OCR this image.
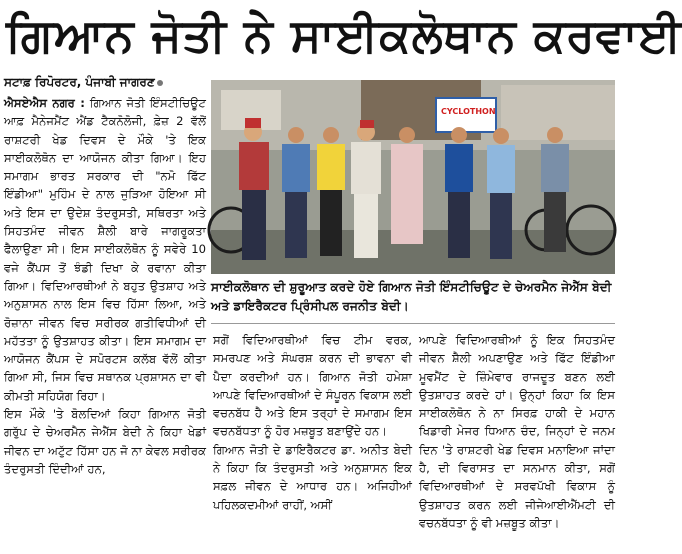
ਗਿਆਨ ਜੋਤੀ ਨੇ ਸਾਈਕਲੋਥਾਨ ਕਰਵਾਈ
ਸਟਾਫ਼ ਰਿਪੋਰਟਰ, ਪੰਜਾਬੀ ਜਾਗਰਣ

ਐਸਏਐਸ ਨਗਰ : ਗਿਆਨ ਜੋਤੀ ਇੰਸਟੀਚਿਊਟ ਆਫ਼ ਮੈਨੇਜਮੈਂਟ ਐਂਡ ਟੈਕਨੋਲੋਜੀ, ਫ਼ੇਜ਼ 2 ਵੱਲੋਂ ਰਾਸ਼ਟਰੀ ਖੇਡ ਦਿਵਸ ਦੇ ਮੌਕੇ 'ਤੇ ਇਕ ਸਾਈਕਲੋਥੋਨ ਦਾ ਆਯੋਜਨ ਕੀਤਾ ਗਿਆ। ਇਹ ਸਮਾਗਮ ਭਾਰਤ ਸਰਕਾਰ ਦੀ "ਨਮੋ ਫਿੱਟ ਇੰਡੀਆ" ਮੁਹਿੰਮ ਦੇ ਨਾਲ ਜੁੜਿਆ ਹੋਇਆ ਸੀ ਅਤੇ ਇਸ ਦਾ ਉਦੇਸ਼ ਤੰਦਰੁਸਤੀ, ਸਥਿਰਤਾ ਅਤੇ ਸਿਹਤਮੰਦ ਜੀਵਨ ਸ਼ੈਲੀ ਬਾਰੇ ਜਾਗਰੂਕਤਾ ਫੈਲਾਉਣਾ ਸੀ। ਇਸ ਸਾਈਕਲੋਥੋਨ ਨੂੰ ਸਵੇਰੇ 10 ਵਜੇ ਕੈਂਪਸ ਤੋਂ ਝੰਡੀ ਦਿਖਾ ਕੇ ਰਵਾਨਾ ਕੀਤਾ ਗਿਆ। ਵਿਦਿਆਰਥੀਆਂ ਨੇ ਬਹੁਤ ਉਤਸ਼ਾਹ ਅਤੇ ਅਨੁਸ਼ਾਸਨ ਨਾਲ ਇਸ ਵਿਚ ਹਿੱਸਾ ਲਿਆ, ਅਤੇ ਰੋਜ਼ਾਨਾ ਜੀਵਨ ਵਿਚ ਸਰੀਰਕ ਗਤੀਵਿਧੀਆਂ ਦੀ ਮਹੱਤਤਾ ਨੂੰ ਉਤਸ਼ਾਹਤ ਕੀਤਾ। ਇਸ ਸਮਾਗਮ ਦਾ ਆਯੋਜਨ ਕੈਂਪਸ ਦੇ ਸਪੋਰਟਸ ਕਲੱਬ ਵੱਲੋਂ ਕੀਤਾ ਗਿਆ ਸੀ, ਜਿਸ ਵਿਚ ਸਥਾਨਕ ਪ੍ਰਸ਼ਾਸਨ ਦਾ ਵੀ ਕੀਮਤੀ ਸਹਿਯੋਗ ਰਿਹਾ।

ਇਸ ਮੌਕੇ 'ਤੇ ਬੋਲਦਿਆਂ ਕਿਹਾ ਗਿਆਨ ਜੋਤੀ ਗਰੁੱਪ ਦੇ ਚੇਅਰਮੈਨ ਜੇਐੱਸ ਬੇਦੀ ਨੇ ਕਿਹਾ ਖੇਡਾਂ ਜੀਵਨ ਦਾ ਅਟੁੱਟ ਹਿੱਸਾ ਹਨ ਜੋ ਨਾ ਕੇਵਲ ਸਰੀਰਕ ਤੰਦਰੁਸਤੀ ਦਿੰਦੀਆਂ ਹਨ,

CYCLOTHON
ਸਾਈਕਲੋਥਾਨ ਦੀ ਸ਼ੁਰੂਆਤ ਕਰਦੇ ਹੋਏ ਗਿਆਨ ਜੋਤੀ ਇੰਸਟੀਚਿਊਟ ਦੇ ਚੇਅਰਮੈਨ ਜੇਐੱਸ ਬੇਦੀ ਅਤੇ ਡਾਇਰੈਕਟਰ ਪ੍ਰਿੰਸੀਪਲ ਰਜਨੀਤ ਬੇਦੀ।

ਸਗੋਂ ਵਿਦਿਆਰਥੀਆਂ ਵਿਚ ਟੀਮ ਵਰਕ, ਸਮਰਪਣ ਅਤੇ ਸੰਘਰਸ਼ ਕਰਨ ਦੀ ਭਾਵਨਾ ਵੀ ਪੈਦਾ ਕਰਦੀਆਂ ਹਨ। ਗਿਆਨ ਜੋਤੀ ਹਮੇਸ਼ਾ ਆਪਣੇ ਵਿਦਿਆਰਥੀਆਂ ਦੇ ਸੰਪੂਰਨ ਵਿਕਾਸ ਲਈ ਵਚਨਬੱਧ ਹੈ ਅਤੇ ਇਸ ਤਰ੍ਹਾਂ ਦੇ ਸਮਾਗਮ ਇਸ ਵਚਨਬੱਧਤਾ ਨੂੰ ਹੋਰ ਮਜ਼ਬੂਤ ਬਣਾਉਂਦੇ ਹਨ।

ਗਿਆਨ ਜੋਤੀ ਦੇ ਡਾਇਰੈਕਟਰ ਡਾ. ਅਨੀਤ ਬੇਦੀ ਨੇ ਕਿਹਾ ਕਿ ਤੰਦਰੁਸਤੀ ਅਤੇ ਅਨੁਸ਼ਾਸਨ ਇਕ ਸਫ਼ਲ ਜੀਵਨ ਦੇ ਆਧਾਰ ਹਨ। ਅਜਿਹੀਆਂ ਪਹਿਲਕਦਮੀਆਂ ਰਾਹੀਂ, ਅਸੀਂ

ਆਪਣੇ ਵਿਦਿਆਰਥੀਆਂ ਨੂੰ ਇਕ ਸਿਹਤਮੰਦ ਜੀਵਨ ਸ਼ੈਲੀ ਅਪਣਾਉਣ ਅਤੇ ਫਿੱਟ ਇੰਡੀਆ ਮੂਵਮੈਂਟ ਦੇ ਜ਼ਿੰਮੇਵਾਰ ਰਾਜਦੂਤ ਬਣਨ ਲਈ ਉਤਸ਼ਾਹਤ ਕਰਦੇ ਹਾਂ। ਉਨ੍ਹਾਂ ਕਿਹਾ ਕਿ ਇਸ ਸਾਈਕਲੋਥੋਨ ਨੇ ਨਾ ਸਿਰਫ਼ ਹਾਕੀ ਦੇ ਮਹਾਨ ਖਿਡਾਰੀ ਮੇਜਰ ਧਿਆਨ ਚੰਦ, ਜਿਨ੍ਹਾਂ ਦੇ ਜਨਮ ਦਿਨ 'ਤੇ ਰਾਸ਼ਟਰੀ ਖੇਡ ਦਿਵਸ ਮਨਾਇਆ ਜਾਂਦਾ ਹੈ, ਦੀ ਵਿਰਾਸਤ ਦਾ ਸਨਮਾਨ ਕੀਤਾ, ਸਗੋਂ ਵਿਦਿਆਰਥੀਆਂ ਦੇ ਸਰਵਪੱਖੀ ਵਿਕਾਸ ਨੂੰ ਉਤਸ਼ਾਹਤ ਕਰਨ ਲਈ ਜੀਜੇਆਈਐੱਮਟੀ ਦੀ ਵਚਨਬੱਧਤਾ ਨੂੰ ਵੀ ਮਜ਼ਬੂਤ ਕੀਤਾ।
